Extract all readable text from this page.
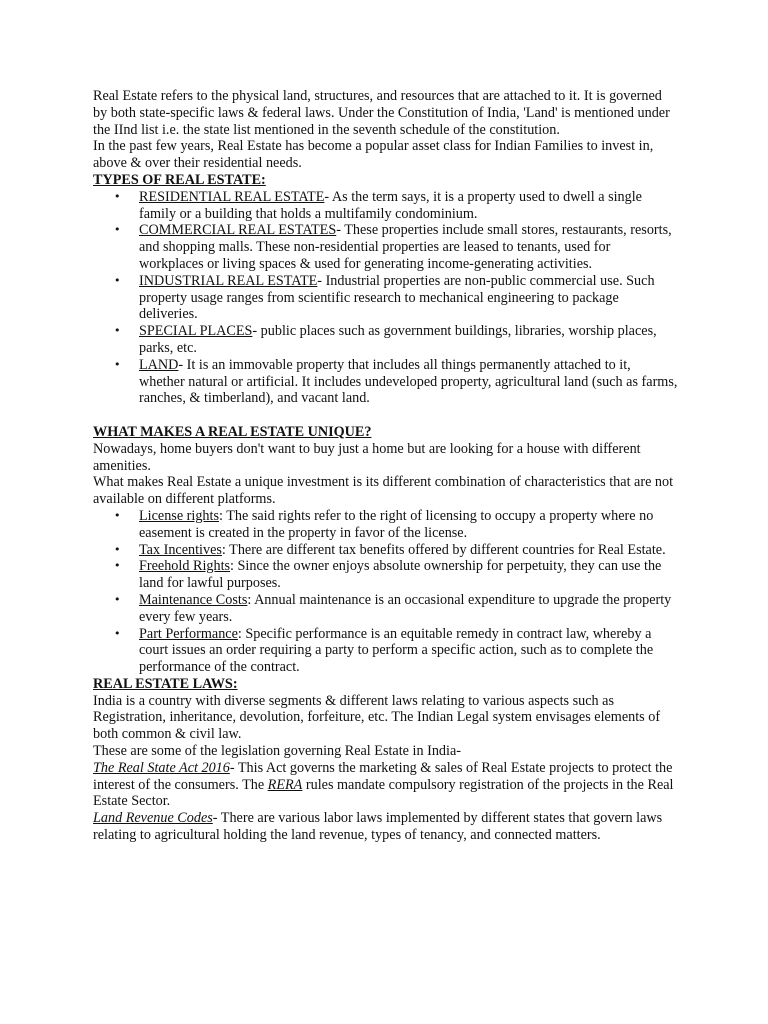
Real Estate refers to the physical land, structures, and resources that are attached to it. It is governed by both state-specific laws & federal laws. Under the Constitution of India, 'Land' is mentioned under the IInd list i.e. the state list mentioned in the seventh schedule of the constitution.

In the past few years, Real Estate has become a popular asset class for Indian Families to invest in, above & over their residential needs.

TYPES OF REAL ESTATE:
• RESIDENTIAL REAL ESTATE- As the term says, it is a property used to dwell a single family or a building that holds a multifamily condominium.
• COMMERCIAL REAL ESTATES- These properties include small stores, restaurants, resorts, and shopping malls. These non-residential properties are leased to tenants, used for workplaces or living spaces & used for generating income-generating activities.
• INDUSTRIAL REAL ESTATE- Industrial properties are non-public commercial use. Such property usage ranges from scientific research to mechanical engineering to package deliveries.
• SPECIAL PLACES- public places such as government buildings, libraries, worship places, parks, etc.
• LAND- It is an immovable property that includes all things permanently attached to it, whether natural or artificial. It includes undeveloped property, agricultural land (such as farms, ranches, & timberland), and vacant land.
WHAT MAKES A REAL ESTATE UNIQUE?

Nowadays, home buyers don't want to buy just a home but are looking for a house with different amenities.

What makes Real Estate a unique investment is its different combination of characteristics that are not available on different platforms.

• License rights: The said rights refer to the right of licensing to occupy a property where no easement is created in the property in favor of the license.
• Tax Incentives: There are different tax benefits offered by different countries for Real Estate.
• Freehold Rights: Since the owner enjoys absolute ownership for perpetuity, they can use the land for lawful purposes.
• Maintenance Costs: Annual maintenance is an occasional expenditure to upgrade the property every few years.
• Part Performance: Specific performance is an equitable remedy in contract law, whereby a court issues an order requiring a party to perform a specific action, such as to complete the performance of the contract.
REAL ESTATE LAWS:

India is a country with diverse segments & different laws relating to various aspects such as Registration, inheritance, devolution, forfeiture, etc. The Indian Legal system envisages elements of both common & civil law.

These are some of the legislation governing Real Estate in India-

The Real State Act 2016- This Act governs the marketing & sales of Real Estate projects to protect the interest of the consumers. The RERA rules mandate compulsory registration of the projects in the Real Estate Sector.

Land Revenue Codes- There are various labor laws implemented by different states that govern laws relating to agricultural holding the land revenue, types of tenancy, and connected matters.
